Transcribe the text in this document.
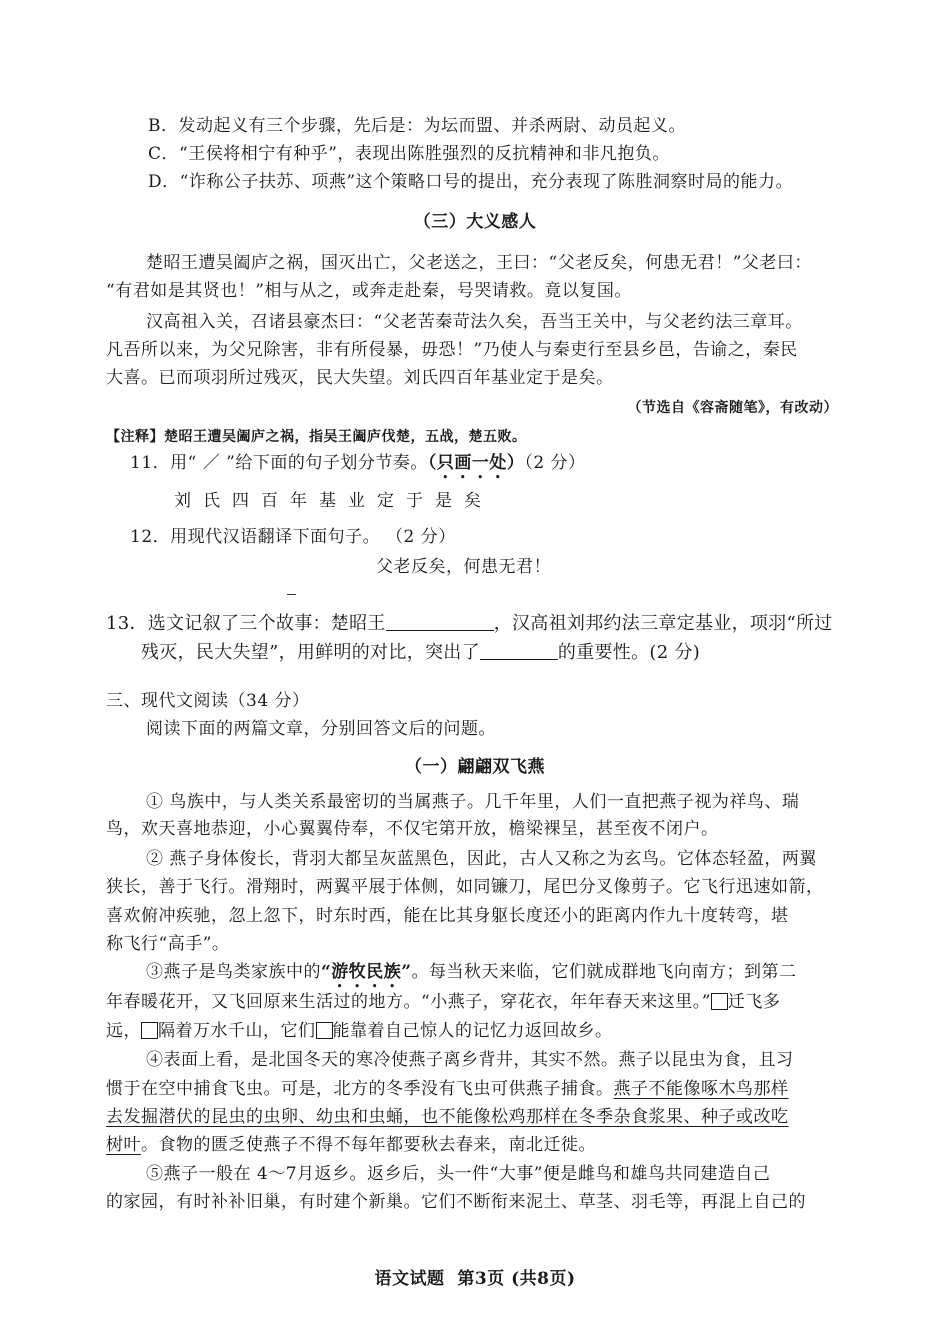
B．发动起义有三个步骤，先后是：为坛而盟、并杀两尉、动员起义。
C．“王侯将相宁有种乎”，表现出陈胜强烈的反抗精神和非凡抱负。
D．“诈称公子扶苏、项燕”这个策略口号的提出，充分表现了陈胜洞察时局的能力。
（三）大义感人
楚昭王遭吴阖庐之祸，国灭出亡，父老送之，王曰：“父老反矣，何患无君！”父老曰：
“有君如是其贤也！”相与从之，或奔走赴秦，号哭请救。竟以复国。
汉高祖入关，召诸县豪杰曰：“父老苦秦苛法久矣，吾当王关中，与父老约法三章耳。
凡吾所以来，为父兄除害，非有所侵暴，毋恐！”乃使人与秦吏行至县乡邑，告谕之，秦民
大喜。已而项羽所过残灭，民大失望。刘氏四百年基业定于是矣。
（节选自《容斋随笔》，有改动）
【注释】楚昭王遭吴阖庐之祸，指吴王阖庐伐楚，五战，楚五败。
11．用“ ／ ”给下面的句子划分节奏。（只画一处）（2 分）
刘氏四百年基业定于是矣
12．用现代汉语翻译下面句子。 （2 分）
父老反矣，何患无君！
13．选文记叙了三个故事：楚昭王	，汉高祖刘邦约法三章定基业，项羽“所过
残灭，民大失望”，用鲜明的对比，突出了	的重要性。(2 分)
三、现代文阅读（34 分）
阅读下面的两篇文章，分别回答文后的问题。
（一）翩翩双飞燕
① 鸟族中，与人类关系最密切的当属燕子。几千年里，人们一直把燕子视为祥鸟、瑞
鸟，欢天喜地恭迎，小心翼翼侍奉，不仅宅第开放，檐梁裸呈，甚至夜不闭户。
② 燕子身体俊长，背羽大都呈灰蓝黑色，因此，古人又称之为玄鸟。它体态轻盈，两翼
狭长，善于飞行。滑翔时，两翼平展于体侧，如同镰刀，尾巴分叉像剪子。它飞行迅速如箭，
喜欢俯冲疾驰，忽上忽下，时东时西，能在比其身躯长度还小的距离内作九十度转弯，堪
称飞行“高手”。
③燕子是鸟类家族中的“游牧民族”。每当秋天来临，它们就成群地飞向南方；到第二
年春暖花开，又飞回原来生活过的地方。“小燕子，穿花衣，年年春天来这里。” 迁飞多
远， 隔着万水千山，它们 能靠着自己惊人的记忆力返回故乡。
④表面上看，是北国冬天的寒冷使燕子离乡背井，其实不然。燕子以昆虫为食，且习
惯于在空中捕食飞虫。可是，北方的冬季没有飞虫可供燕子捕食。燕子不能像啄木鸟那样
去发掘潜伏的昆虫的虫卵、幼虫和虫蛹，也不能像松鸡那样在冬季杂食浆果、种子或改吃
树叶。食物的匮乏使燕子不得不每年都要秋去春来，南北迁徙。
⑤燕子一般在 4～7月返乡。返乡后，头一件“大事”便是雌鸟和雄鸟共同建造自己
的家园，有时补补旧巢，有时建个新巢。它们不断衔来泥土、草茎、羽毛等，再混上自己的
语文试题  第3页 (共8页)
